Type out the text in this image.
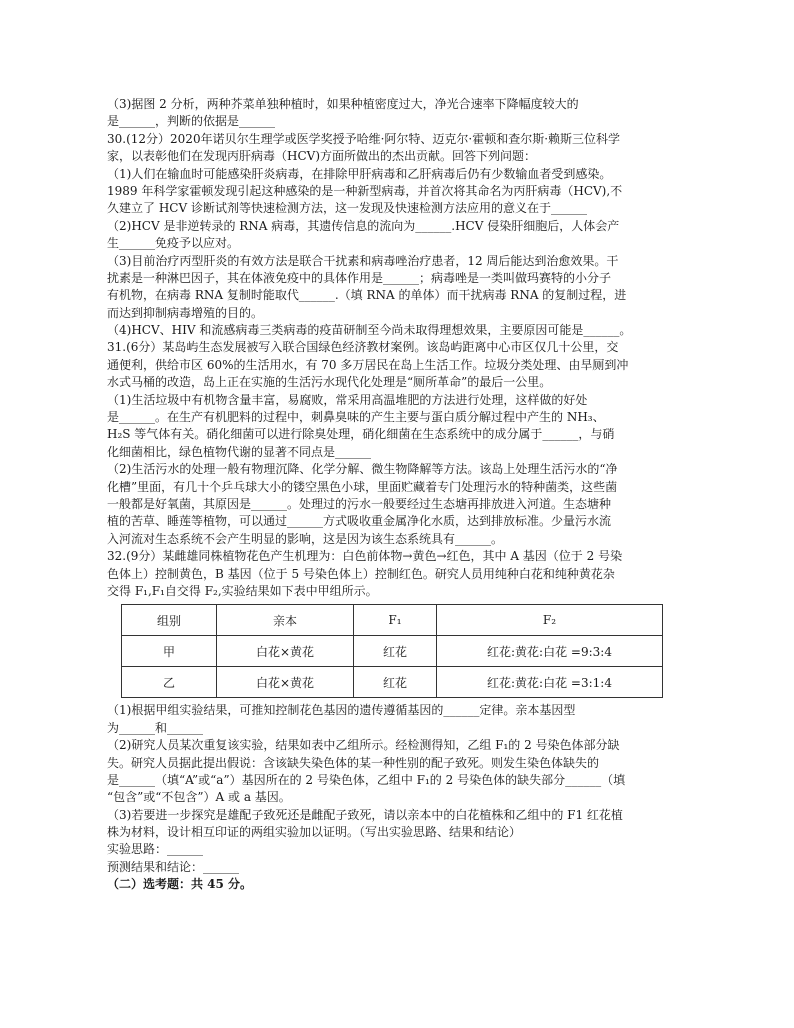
（3)据图 2 分析，两种芥菜单独种植时，如果种植密度过大，净光合速率下降幅度较大的
是______，判断的依据是______
30.(12分）2020年诺贝尔生理学或医学奖授予哈维·阿尔特、迈克尔·霍顿和查尔斯·赖斯三位科学
家，以表彰他们在发现丙肝病毒（HCV)方面所做出的杰出贡献。回答下列问题：
（1)人们在输血时可能感染肝炎病毒，在排除甲肝病毒和乙肝病毒后仍有少数输血者受到感染。
1989 年科学家霍顿发现引起这种感染的是一种新型病毒，并首次将其命名为丙肝病毒（HCV),不
久建立了 HCV 诊断试剂等快速检测方法，这一发现及快速检测方法应用的意义在于______
（2)HCV 是非逆转录的 RNA 病毒，其遗传信息的流向为______.HCV 侵染肝细胞后，人体会产
生______免疫予以应对。
（3)目前治疗丙型肝炎的有效方法是联合干扰素和病毒唑治疗患者，12 周后能达到治愈效果。干
扰素是一种淋巴因子，其在体液免疫中的具体作用是______；病毒唑是一类叫做玛赛特的小分子
有机物，在病毒 RNA 复制时能取代______.（填 RNA 的单体）而干扰病毒 RNA 的复制过程，进
而达到抑制病毒增殖的目的。
（4)HCV、HIV 和流感病毒三类病毒的疫苗研制至今尚未取得理想效果，主要原因可能是______。
31.(6分）某岛屿生态发展被写入联合国绿色经济教材案例。该岛屿距离中心市区仅几十公里，交
通便利，供给市区 60%的生活用水，有 70 多万居民在岛上生活工作。垃圾分类处理、由旱厕到冲
水式马桶的改造，岛上正在实施的生活污水现代化处理是“厕所革命”的最后一公里。
（1)生活垃圾中有机物含量丰富，易腐败，常采用高温堆肥的方法进行处理，这样做的好处
是______。在生产有机肥料的过程中，刺鼻臭味的产生主要与蛋白质分解过程中产生的 NH₃、
H₂S 等气体有关。硝化细菌可以进行除臭处理，硝化细菌在生态系统中的成分属于______，与硝
化细菌相比，绿色植物代谢的显著不同点是______
（2)生活污水的处理一般有物理沉降、化学分解、微生物降解等方法。该岛上处理生活污水的“净
化槽”里面，有几十个乒乓球大小的镂空黑色小球，里面贮藏着专门处理污水的特种菌类，这些菌
一般都是好氧菌，其原因是______。处理过的污水一般要经过生态塘再排放进入河道。生态塘种
植的苦草、睡莲等植物，可以通过______方式吸收重金属净化水质，达到排放标准。少量污水流
入河流对生态系统不会产生明显的影响，这是因为该生态系统具有______。
32.(9分）某雌雄同株植物花色产生机理为：白色前体物→黄色→红色，其中 A 基因（位于 2 号染
色体上）控制黄色，B 基因（位于 5 号染色体上）控制红色。研究人员用纯种白花和纯种黄花杂
交得 F₁,F₁自交得 F₂,实验结果如下表中甲组所示。
组别	亲本	F₁	F₂
甲	白花×黄花	红花	红花:黄花:白花 =9:3:4
乙	白花×黄花	红花	红花:黄花:白花 =3:1:4
（1)根据甲组实验结果，可推知控制花色基因的遗传遵循基因的______定律。亲本基因型
为______和______
（2)研究人员某次重复该实验，结果如表中乙组所示。经检测得知，乙组 F₁的 2 号染色体部分缺
失。研究人员据此提出假说：含该缺失染色体的某一种性别的配子致死。则发生染色体缺失的
是______（填“A”或“a”）基因所在的 2 号染色体，乙组中 F₁的 2 号染色体的缺失部分______（填
“包含”或“不包含”）A 或 a 基因。
（3)若要进一步探究是雄配子致死还是雌配子致死，请以亲本中的白花植株和乙组中的 F1 红花植
株为材料，设计相互印证的两组实验加以证明。（写出实验思路、结果和结论）
实验思路：______
预测结果和结论：______
（二）选考题：共 45 分。
